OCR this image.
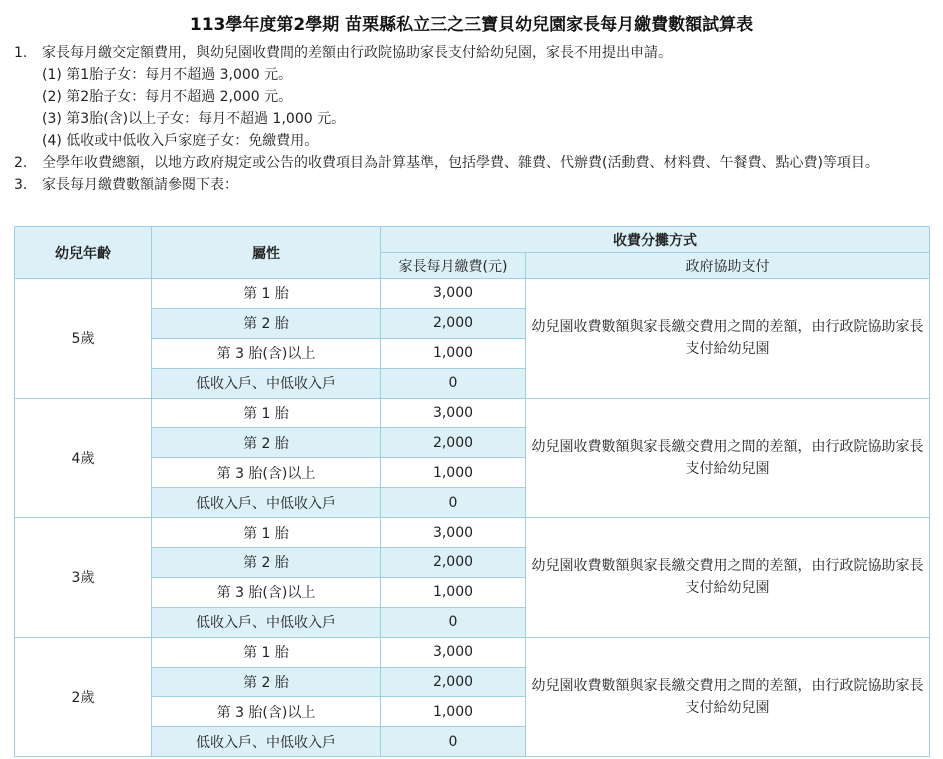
113學年度第2學期 苗栗縣私立三之三寶貝幼兒園家長每月繳費數額試算表
1.	家長每月繳交定額費用，與幼兒園收費間的差額由行政院協助家長支付給幼兒園，家長不用提出申請。
(1) 第1胎子女：每月不超過 3,000 元。
(2) 第2胎子女：每月不超過 2,000 元。
(3) 第3胎(含)以上子女：每月不超過 1,000 元。
(4) 低收或中低收入戶家庭子女：免繳費用。
2.	全學年收費總額，以地方政府規定或公告的收費項目為計算基準，包括學費、雜費、代辦費(活動費、材料費、午餐費、點心費)等項目。
3.	家長每月繳費數額請參閱下表：
幼兒年齡	屬性	收費分攤方式	
		家長每月繳費(元)	政府協助支付
5歲	第 1 胎	3,000	幼兒園收費數額與家長繳交費用之間的差額，由行政院協助家長支付給幼兒園
	第 2 胎	2,000	
	第 3 胎(含)以上	1,000	
	低收入戶、中低收入戶	0	
4歲	第 1 胎	3,000	幼兒園收費數額與家長繳交費用之間的差額，由行政院協助家長支付給幼兒園
	第 2 胎	2,000	
	第 3 胎(含)以上	1,000	
	低收入戶、中低收入戶	0	
3歲	第 1 胎	3,000	幼兒園收費數額與家長繳交費用之間的差額，由行政院協助家長支付給幼兒園
	第 2 胎	2,000	
	第 3 胎(含)以上	1,000	
	低收入戶、中低收入戶	0	
2歲	第 1 胎	3,000	幼兒園收費數額與家長繳交費用之間的差額，由行政院協助家長支付給幼兒園
	第 2 胎	2,000	
	第 3 胎(含)以上	1,000	
	低收入戶、中低收入戶	0	
